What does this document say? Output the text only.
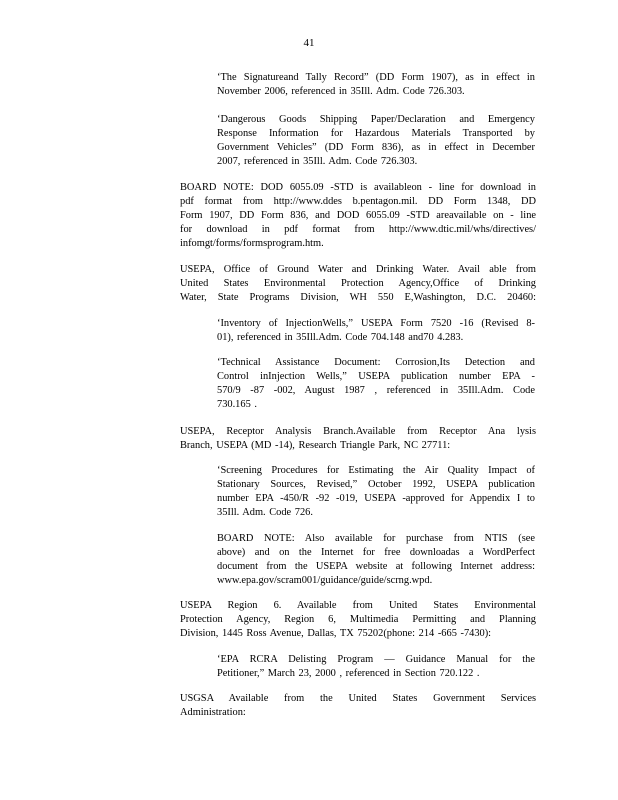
41
‘The Signatureand Tally Record” (DD Form 1907), as in effect in
November 2006, referenced in 35Ill. Adm. Code 726.303.
‘Dangerous Goods Shipping Paper/Declaration and Emergency
Response Information for Hazardous Materials Transported by
Government Vehicles” (DD Form 836), as in effect in December
2007, referenced in 35Ill. Adm. Code 726.303.
BOARD NOTE: DOD 6055.09 -STD is availableon - line for download in
pdf format from http://www.ddes b.pentagon.mil. DD Form 1348, DD
Form 1907, DD Form 836, and DOD 6055.09 -STD areavailable on - line
for download in pdf format from http://www.dtic.mil/whs/directives/
infomgt/forms/formsprogram.htm.
USEPA, Office of Ground Water and Drinking Water. Avail able from
United States Environmental Protection Agency,Office of Drinking
Water, State Programs Division, WH 550 E,Washington, D.C. 20460:
‘Inventory of InjectionWells,” USEPA Form 7520 -16 (Revised 8-
01), referenced in 35Ill.Adm. Code 704.148 and70 4.283.
‘Technical Assistance Document: Corrosion,Its Detection and
Control inInjection Wells,” USEPA publication number EPA -
570/9 -87 -002, August 1987 , referenced in 35Ill.Adm. Code
730.165 .
USEPA, Receptor Analysis Branch.Available from Receptor Ana lysis
Branch, USEPA (MD -14), Research Triangle Park, NC 27711:
‘Screening Procedures for Estimating the Air Quality Impact of
Stationary Sources, Revised,” October 1992, USEPA publication
number EPA -450/R -92 -019, USEPA -approved for Appendix I to
35Ill. Adm. Code 726.
BOARD NOTE: Also available for purchase from NTIS (see
above) and on the Internet for free downloadas a WordPerfect
document from the USEPA website at following Internet address:
www.epa.gov/scram001/guidance/guide/scrng.wpd.
USEPA Region 6. Available from United States Environmental
Protection Agency, Region 6, Multimedia Permitting and Planning
Division, 1445 Ross Avenue, Dallas, TX 75202(phone: 214 -665 -7430):
‘EPA RCRA Delisting Program — Guidance Manual for the
Petitioner,” March 23, 2000 , referenced in Section 720.122 .
USGSA Available from the United States Government Services
Administration:
